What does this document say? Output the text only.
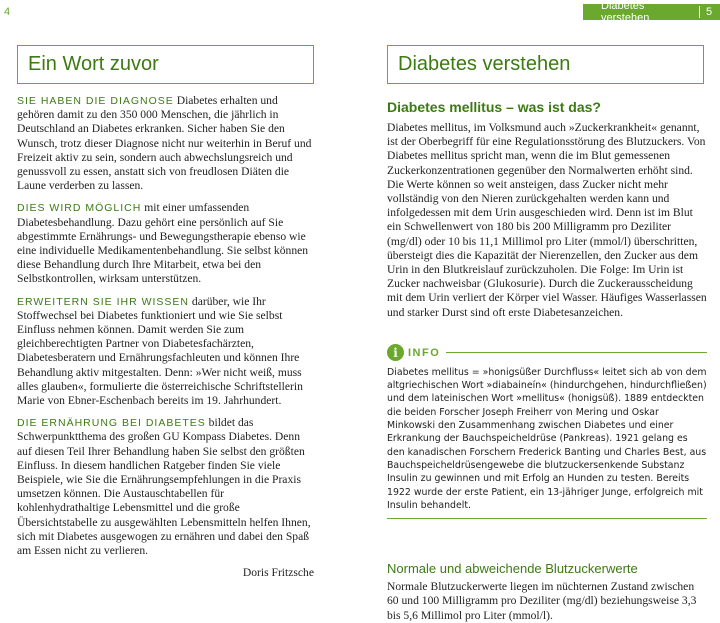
4	Diabetes verstehen	5
Ein Wort zuvor

SIE HABEN DIE DIAGNOSE Diabetes erhalten und gehören damit zu den 350 000 Menschen, die jährlich in Deutschland an Diabetes erkranken. Sicher haben Sie den Wunsch, trotz dieser Diagnose nicht nur weiterhin in Beruf und Freizeit aktiv zu sein, sondern auch abwechslungsreich und genussvoll zu essen, anstatt sich von freudlosen Diäten die Laune verderben zu lassen.

DIES WIRD MÖGLICH mit einer umfassenden Diabetesbehandlung. Dazu gehört eine persönlich auf Sie abgestimmte Ernährungs- und Bewegungstherapie ebenso wie eine individuelle Medikamentenbehandlung. Sie selbst können diese Behandlung durch Ihre Mitarbeit, etwa bei den Selbstkontrollen, wirksam unterstützen.

ERWEITERN SIE IHR WISSEN darüber, wie Ihr Stoffwechsel bei Diabetes funktioniert und wie Sie selbst Einfluss nehmen können. Damit werden Sie zum gleichberechtigten Partner von Diabetesfachärzten, Diabetesberatern und Ernährungsfachleuten und können Ihre Behandlung aktiv mitgestalten. Denn: »Wer nicht weiß, muss alles glauben«, formulierte die österreichische Schriftstellerin Marie von Ebner-Eschenbach bereits im 19. Jahrhundert.

DIE ERNÄHRUNG BEI DIABETES bildet das Schwerpunktthema des großen GU Kompass Diabetes. Denn auf diesen Teil Ihrer Behandlung haben Sie selbst den größten Einfluss. In diesem handlichen Ratgeber finden Sie viele Beispiele, wie Sie die Ernährungsempfehlungen in die Praxis umsetzen können. Die Austauschtabellen für kohlenhydrathaltige Lebensmittel und die große Übersichtstabelle zu ausgewählten Lebensmitteln helfen Ihnen, sich mit Diabetes ausgewogen zu ernähren und dabei den Spaß am Essen nicht zu verlieren.

Doris Fritzsche
Diabetes verstehen
Diabetes mellitus – was ist das?

Diabetes mellitus, im Volksmund auch »Zuckerkrankheit« genannt, ist der Oberbegriff für eine Regulationsstörung des Blutzuckers. Von Diabetes mellitus spricht man, wenn die im Blut gemessenen Zuckerkonzentrationen gegenüber den Normalwerten erhöht sind. Die Werte können so weit ansteigen, dass Zucker nicht mehr vollständig von den Nieren zurückgehalten werden kann und infolgedessen mit dem Urin ausgeschieden wird. Denn ist im Blut ein Schwellenwert von 180 bis 200 Milligramm pro Deziliter (mg/dl) oder 10 bis 11,1 Millimol pro Liter (mmol/l) überschritten, übersteigt dies die Kapazität der Nierenzellen, den Zucker aus dem Urin in den Blutkreislauf zurückzuholen. Die Folge: Im Urin ist Zucker nachweisbar (Glukosurie). Durch die Zuckerausscheidung mit dem Urin verliert der Körper viel Wasser. Häufiges Wasserlassen und starker Durst sind oft erste Diabetesanzeichen.

i INFO

Diabetes mellitus = »honigsüßer Durchfluss« leitet sich ab von dem altgriechischen Wort »diabaineín« (hindurchgehen, hindurchfließen) und dem lateinischen Wort »mellitus« (honigsüß). 1889 entdeckten die beiden Forscher Joseph Freiherr von Mering und Oskar Minkowski den Zusammenhang zwischen Diabetes und einer Erkrankung der Bauchspeicheldrüse (Pankreas). 1921 gelang es den kanadischen Forschern Frederick Banting und Charles Best, aus Bauchspeicheldrüsengewebe die blutzuckersenkende Substanz Insulin zu gewinnen und mit Erfolg an Hunden zu testen. Bereits 1922 wurde der erste Patient, ein 13-jähriger Junge, erfolgreich mit Insulin behandelt.

Normale und abweichende Blutzuckerwerte

Normale Blutzuckerwerte liegen im nüchternen Zustand zwischen 60 und 100 Milligramm pro Deziliter (mg/dl) beziehungsweise 3,3 bis 5,6 Millimol pro Liter (mmol/l).
